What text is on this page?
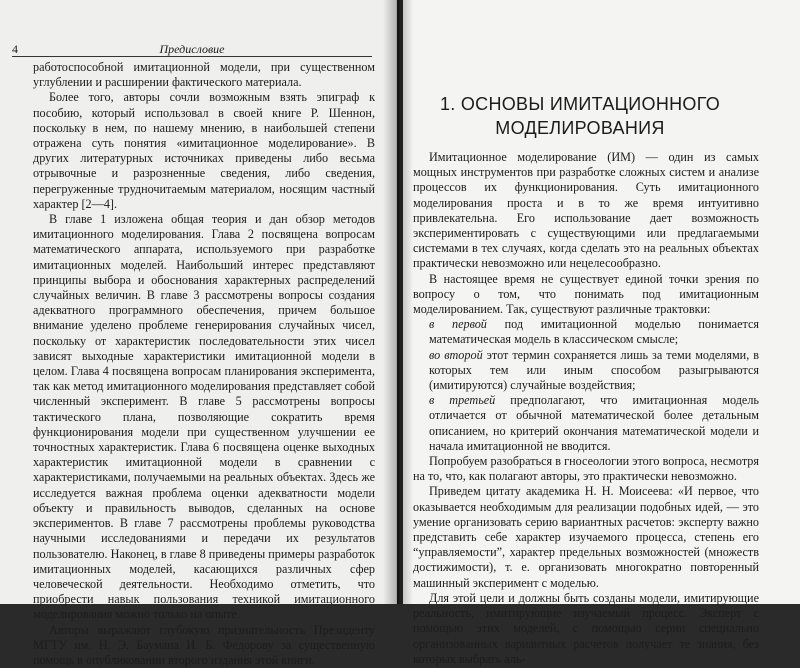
4	Предисловие

работоспособной имитационной модели, при существенном углублении и расширении фактического материала.

Более того, авторы сочли возможным взять эпиграф к пособию, который использовал в своей книге Р. Шеннон, поскольку в нем, по нашему мнению, в наибольшей степени отражена суть понятия «имитационное моделирование». В других литературных источниках приведены либо весьма отрывочные и разрозненные сведения, либо сведения, перегруженные трудночитаемым материалом, носящим частный характер [2—4].

В главе 1 изложена общая теория и дан обзор методов имитационного моделирования. Глава 2 посвящена вопросам математического аппарата, используемого при разработке имитационных моделей. Наибольший интерес представляют принципы выбора и обоснования характерных распределений случайных величин. В главе 3 рассмотрены вопросы создания адекватного программного обеспечения, причем большое внимание уделено проблеме генерирования случайных чисел, поскольку от характеристик последовательности этих чисел зависят выходные характеристики имитационной модели в целом. Глава 4 посвящена вопросам планирования эксперимента, так как метод имитационного моделирования представляет собой численный эксперимент. В главе 5 рассмотрены вопросы тактического плана, позволяющие сократить время функционирования модели при существенном улучшении ее точностных характеристик. Глава 6 посвящена оценке выходных характеристик имитационной модели в сравнении с характеристиками, получаемыми на реальных объектах. Здесь же исследуется важная проблема оценки адекватности модели объекту и правильность выводов, сделанных на основе экспериментов. В главе 7 рассмотрены проблемы руководства научными исследованиями и передачи их результатов пользователю. Наконец, в главе 8 приведены примеры разработок имитационных моделей, касающихся различных сфер человеческой деятельности. Необходимо отметить, что приобрести навык пользования техникой имитационного моделирования можно только на опыте.

Авторы выражают глубокую признательность Президенту МГТУ им. Н. Э. Баумана И. Б. Федорову за существенную помощь в опубликовании второго издания этой книги.

1. ОСНОВЫ ИМИТАЦИОННОГО
МОДЕЛИРОВАНИЯ

Имитационное моделирование (ИМ) — один из самых мощных инструментов при разработке сложных систем и анализе процессов их функционирования. Суть имитационного моделирования проста и в то же время интуитивно привлекательна. Его использование дает возможность экспериментировать с существующими или предлагаемыми системами в тех случаях, когда сделать это на реальных объектах практически невозможно или нецелесообразно.

В настоящее время не существует единой точки зрения по вопросу о том, что понимать под имитационным моделированием. Так, существуют различные трактовки:

в первой под имитационной моделью понимается математическая модель в классическом смысле;

во второй этот термин сохраняется лишь за теми моделями, в которых тем или иным способом разыгрываются (имитируются) случайные воздействия;

в третьей предполагают, что имитационная модель отличается от обычной математической более детальным описанием, но критерий окончания математической модели и начала имитационной не вводится.

Попробуем разобраться в гносеологии этого вопроса, несмотря на то, что, как полагают авторы, это практически невозможно.

Приведем цитату академика Н. Н. Моисеева: «И первое, что оказывается необходимым для реализации подобных идей, — это умение организовать серию вариантных расчетов: эксперту важно представить себе характер изучаемого процесса, степень его “управляемости”, характер предельных возможностей (множеств достижимости), т. е. организовать многократно повторенный машинный эксперимент с моделью.

Для этой цели и должны быть созданы модели, имитирующие реальность, имитирующие изучаемый процесс. Эксперт с помощью этих моделей, с помощью серии специально организованных вариантных расчетов получает те знания, без которых выбрать аль-
